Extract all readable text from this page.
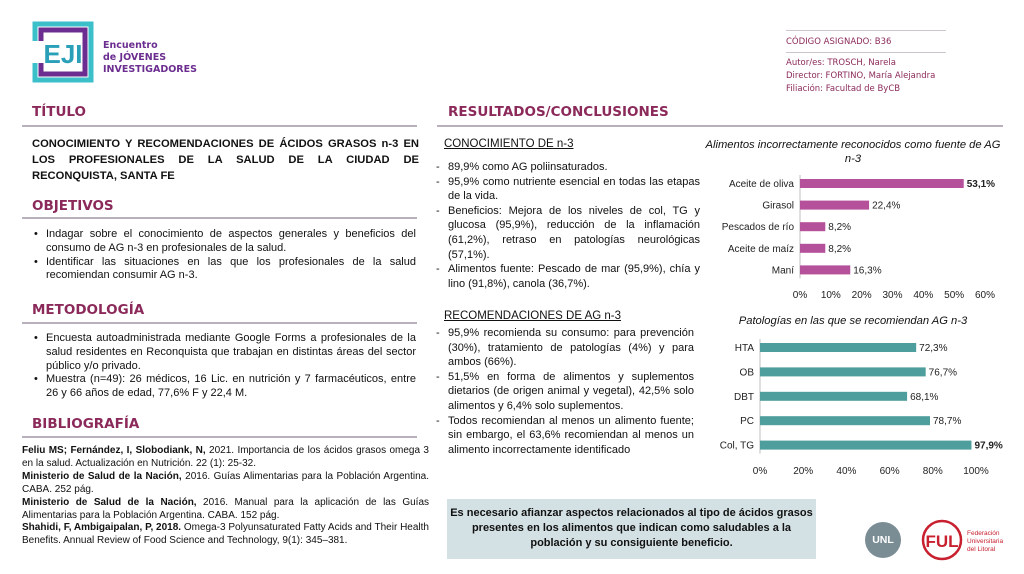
EJI Encuentro
de JÓVENES
INVESTIGADORES
CÓDIGO ASIGNADO: B36
Autor/es: TROSCH, Narela
Director: FORTINO, María Alejandra
Filiación: Facultad de ByCB
TÍTULO
CONOCIMIENTO Y RECOMENDACIONES DE ÁCIDOS GRASOS n-3 EN LOS PROFESIONALES DE LA SALUD DE LA CIUDAD DE RECONQUISTA, SANTA FE
OBJETIVOS
• Indagar sobre el conocimiento de aspectos generales y beneficios del consumo de AG n-3 en profesionales de la salud.
• Identificar las situaciones en las que los profesionales de la salud recomiendan consumir AG n-3.
METODOLOGÍA
• Encuesta autoadministrada mediante Google Forms a profesionales de la salud residentes en Reconquista que trabajan en distintas áreas del sector público y/o privado.
• Muestra (n=49): 26 médicos, 16 Lic. en nutrición y 7 farmacéuticos, entre 26 y 66 años de edad, 77,6% F y 22,4 M.
BIBLIOGRAFÍA

Feliu MS; Fernández, I, Slobodiank, N, 2021. Importancia de los ácidos grasos omega 3 en la salud. Actualización en Nutrición. 22 (1): 25-32.

Ministerio de Salud de la Nación, 2016. Guías Alimentarias para la Población Argentina. CABA. 252 pág.

Ministerio de Salud de la Nación, 2016. Manual para la aplicación de las Guías Alimentarias para la Población Argentina. CABA. 152 pág.

Shahidi, F, Ambigaipalan, P, 2018. Omega-3 Polyunsaturated Fatty Acids and Their Health Benefits. Annual Review of Food Science and Technology, 9(1): 345–381.

RESULTADOS/CONCLUSIONES
CONOCIMIENTO DE n-3
- 89,9% como AG poliinsaturados.
- 95,9% como nutriente esencial en todas las etapas de la vida.
- Beneficios: Mejora de los niveles de col, TG y glucosa (95,9%), reducción de la inflamación (61,2%), retraso en patologías neurológicas (57,1%).
- Alimentos fuente: Pescado de mar (95,9%), chía y lino (91,8%), canola (36,7%).
RECOMENDACIONES DE AG n-3
- 95,9% recomienda su consumo: para prevención (30%), tratamiento de patologías (4%) y para ambos (66%).
- 51,5% en forma de alimentos y suplementos dietarios (de origen animal y vegetal), 42,5% solo alimentos y 6,4% solo suplementos.
- Todos recomiendan al menos un alimento fuente; sin embargo, el 63,6% recomiendan al menos un alimento incorrectamente identificado
Alimentos incorrectamente reconocidos como fuente de AG n-3
Aceite de oliva	53,1%
Girasol	22,4%
Pescados de río	8,2%
Aceite de maíz	8,2%
Maní	16,3%
0% 10% 20% 30% 40% 50% 60%
Patologías en las que se recomiendan AG n-3
HTA	72,3%
OB	76,7%
DBT	68,1%
PC	78,7%
Col, TG	97,9%
0%	20% 40% 60% 80% 100%
Es necesario afianzar aspectos relacionados al tipo de ácidos grasos presentes en los alimentos que indican como saludables a la población y su consiguiente beneficio.	UNL	FUL Federación
Universitaria
del Litoral
